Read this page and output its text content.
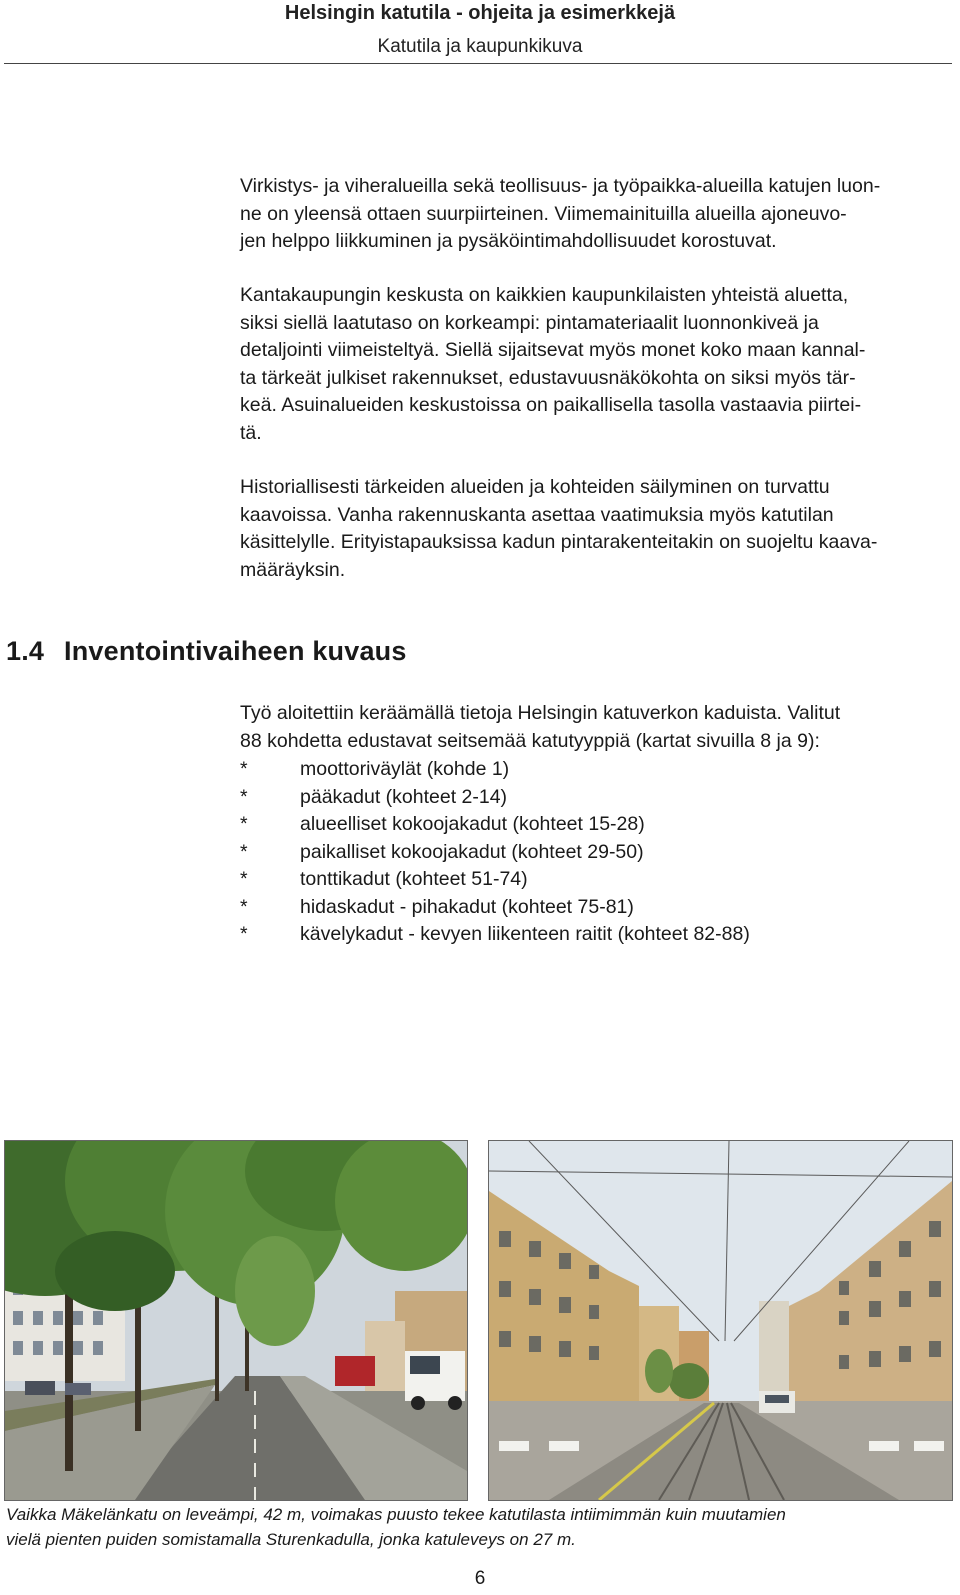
Helsingin katutila - ohjeita ja esimerkkejä
Katutila ja kaupunkikuva
Virkistys- ja viheralueilla sekä teollisuus- ja työpaikka-alueilla katujen luon-
ne on yleensä ottaen suurpiirteinen. Viimemainituilla alueilla ajoneuvo-
jen helppo liikkuminen ja pysäköintimahdollisuudet korostuvat.
Kantakaupungin keskusta on kaikkien kaupunkilaisten yhteistä aluetta,
siksi siellä laatutaso on korkeampi: pintamateriaalit luonnonkiveä ja
detaljointi viimeisteltyä. Siellä sijaitsevat myös monet koko maan kannal-
ta tärkeät julkiset rakennukset, edustavuusnäkökohta on siksi myös tär-
keä. Asuinalueiden keskustoissa on paikallisella tasolla vastaavia piirtei-
tä.
Historiallisesti tärkeiden alueiden ja kohteiden säilyminen on turvattu
kaavoissa. Vanha rakennuskanta asettaa vaatimuksia myös katutilan
käsittelylle. Erityistapauksissa kadun pintarakenteitakin on suojeltu kaava-
määräyksin.
1.4 Inventointivaiheen kuvaus
Työ aloitettiin keräämällä tietoja Helsingin katuverkon kaduista. Valitut
88 kohdetta edustavat seitsemää katutyyppiä (kartat sivuilla 8 ja 9):
*	moottoriväylät (kohde 1)
*	pääkadut (kohteet 2-14)
*	alueelliset kokoojakadut (kohteet 15-28)
*	paikalliset kokoojakadut (kohteet 29-50)
*	tonttikadut (kohteet 51-74)
*	hidaskadut - pihakadut (kohteet 75-81)
*	kävelykadut - kevyen liikenteen raitit (kohteet 82-88)
Vaikka Mäkelänkatu on leveämpi, 42 m, voimakas puusto tekee katutilasta intiimimmän kuin muutamien
vielä pienten puiden somistamalla Sturenkadulla, jonka katuleveys on 27 m.
6
